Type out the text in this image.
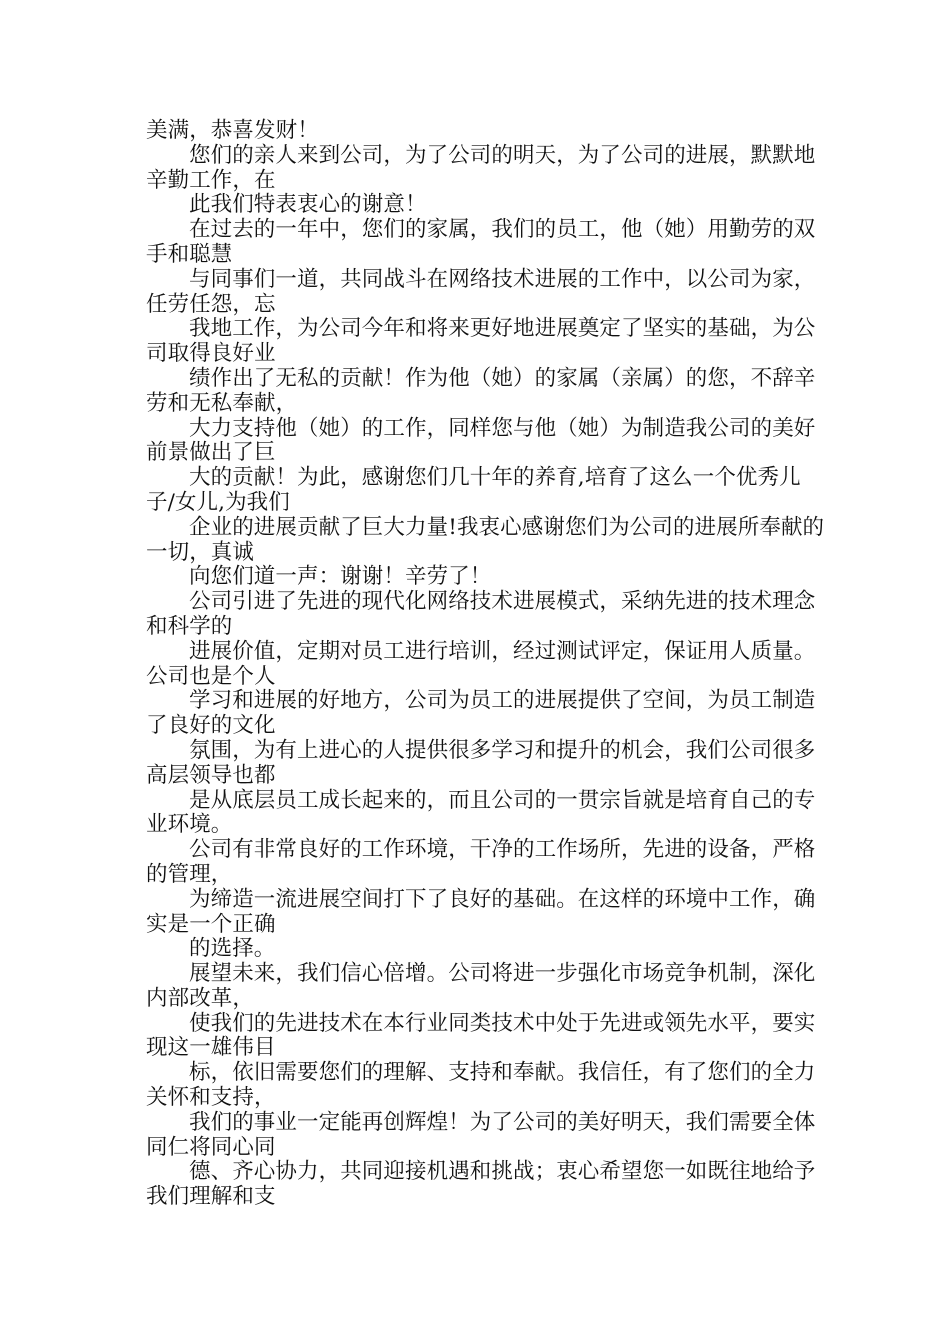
美满，恭喜发财！

您们的亲人来到公司，为了公司的明天，为了公司的进展，默默地辛勤工作，在

此我们特表衷心的谢意！

在过去的一年中，您们的家属，我们的员工，他（她）用勤劳的双手和聪慧

与同事们一道，共同战斗在网络技术进展的工作中，以公司为家，任劳任怨，忘

我地工作，为公司今年和将来更好地进展奠定了坚实的基础，为公司取得良好业

绩作出了无私的贡献！作为他（她）的家属（亲属）的您，不辞辛劳和无私奉献，

大力支持他（她）的工作，同样您与他（她）为制造我公司的美好前景做出了巨

大的贡献！为此，感谢您们几十年的养育,培育了这么一个优秀儿子/女儿,为我们

企业的进展贡献了巨大力量!我衷心感谢您们为公司的进展所奉献的一切，真诚

向您们道一声：谢谢！辛劳了！

公司引进了先进的现代化网络技术进展模式，采纳先进的技术理念和科学的

进展价值，定期对员工进行培训，经过测试评定，保证用人质量。公司也是个人

学习和进展的好地方，公司为员工的进展提供了空间，为员工制造了良好的文化

氛围，为有上进心的人提供很多学习和提升的机会，我们公司很多高层领导也都

是从底层员工成长起来的，而且公司的一贯宗旨就是培育自己的专业环境。

公司有非常良好的工作环境，干净的工作场所，先进的设备，严格的管理，

为缔造一流进展空间打下了良好的基础。在这样的环境中工作，确实是一个正确

的选择。

展望未来，我们信心倍增。公司将进一步强化市场竞争机制，深化内部改革，

使我们的先进技术在本行业同类技术中处于先进或领先水平，要实现这一雄伟目

标，依旧需要您们的理解、支持和奉献。我信任，有了您们的全力关怀和支持，

我们的事业一定能再创辉煌！为了公司的美好明天，我们需要全体同仁将同心同

德、齐心协力，共同迎接机遇和挑战；衷心希望您一如既往地给予我们理解和支
